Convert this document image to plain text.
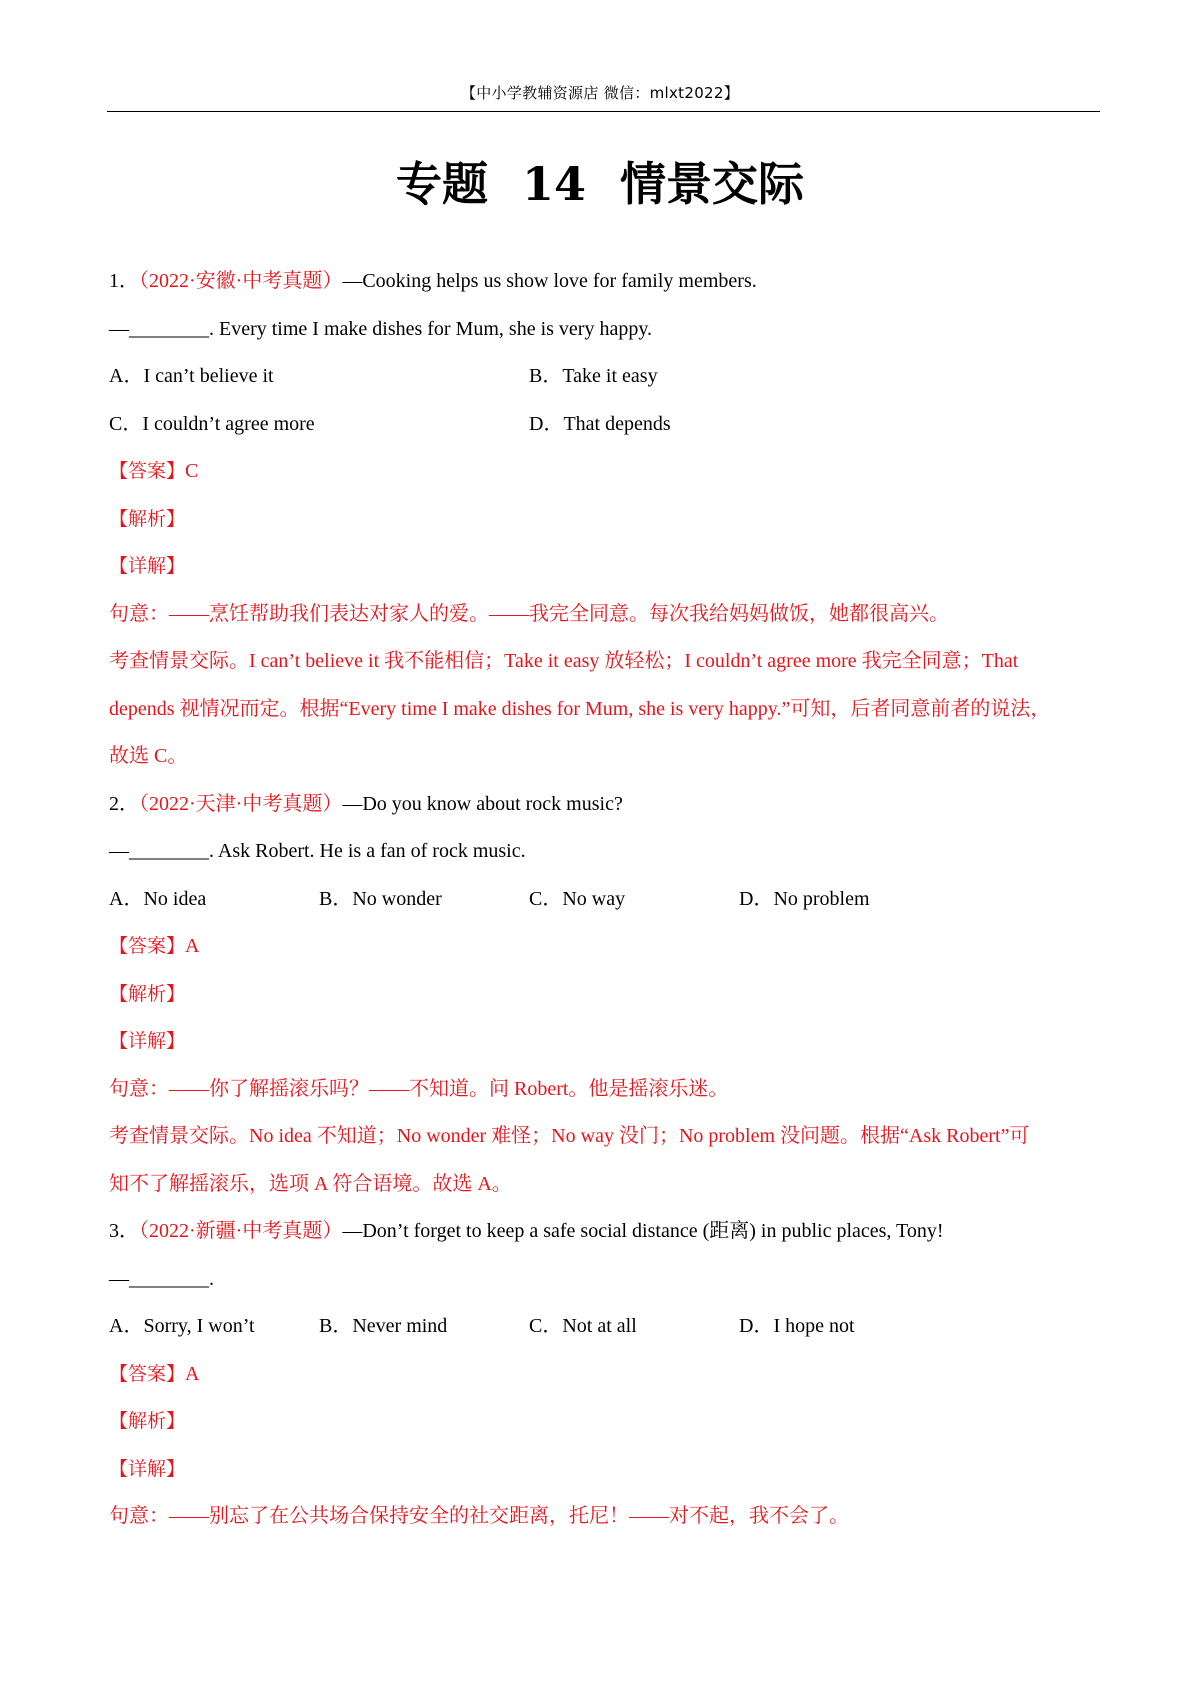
【中小学教辅资源店 微信：mlxt2022】
专题 14 情景交际
1．（2022·安徽·中考真题）—Cooking helps us show love for family members.
—________. Every time I make dishes for Mum, she is very happy.
A．I can’t believe it	B．Take it easy
C．I couldn’t agree more	D．That depends
【答案】C
【解析】
【详解】
句意：——烹饪帮助我们表达对家人的爱。——我完全同意。每次我给妈妈做饭，她都很高兴。
考查情景交际。I can’t believe it 我不能相信；Take it easy 放轻松；I couldn’t agree more 我完全同意；That
depends 视情况而定。根据“Every time I make dishes for Mum, she is very happy.”可知，后者同意前者的说法，
故选 C。
2．（2022·天津·中考真题）—Do you know about rock music?
—________. Ask Robert. He is a fan of rock music.
A．No idea	B．No wonder	C．No way	D．No problem
【答案】A
【解析】
【详解】
句意：——你了解摇滚乐吗？——不知道。问 Robert。他是摇滚乐迷。
考查情景交际。No idea 不知道；No wonder 难怪；No way 没门；No problem 没问题。根据“Ask Robert”可
知不了解摇滚乐，选项 A 符合语境。故选 A。
3．（2022·新疆·中考真题）—Don’t forget to keep a safe social distance (距离) in public places, Tony!
—________.
A．Sorry, I won’t	B．Never mind	C．Not at all	D．I hope not
【答案】A
【解析】
【详解】
句意：——别忘了在公共场合保持安全的社交距离，托尼！——对不起，我不会了。
